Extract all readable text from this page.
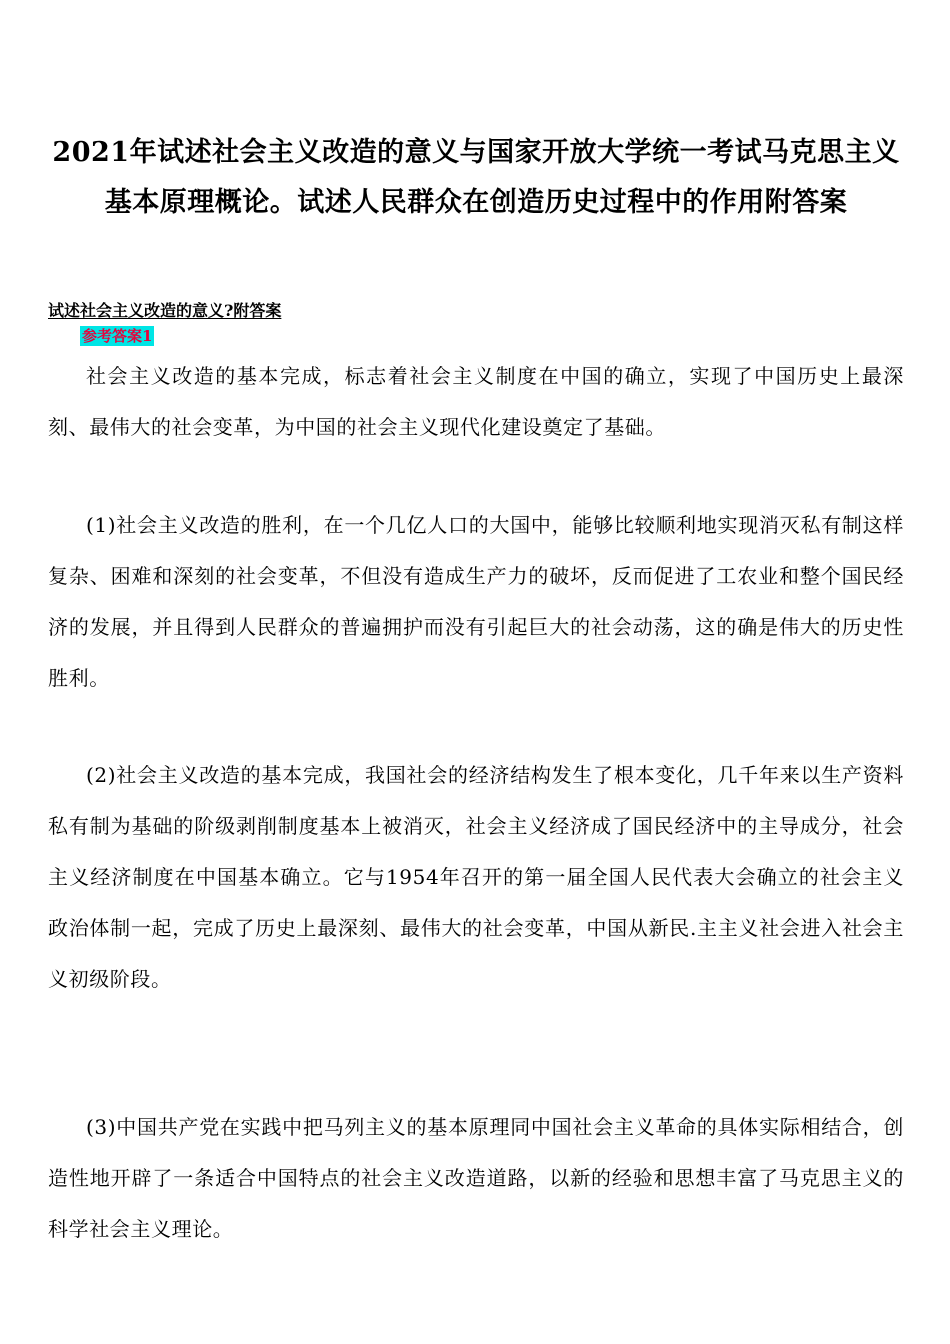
2021年试述社会主义改造的意义与国家开放大学统一考试马克思主义基本原理概论。试述人民群众在创造历史过程中的作用附答案
试述社会主义改造的意义?附答案
参考答案1

社会主义改造的基本完成，标志着社会主义制度在中国的确立，实现了中国历史上最深刻、最伟大的社会变革，为中国的社会主义现代化建设奠定了基础。

(1)社会主义改造的胜利，在一个几亿人口的大国中，能够比较顺利地实现消灭私有制这样复杂、困难和深刻的社会变革，不但没有造成生产力的破坏，反而促进了工农业和整个国民经济的发展，并且得到人民群众的普遍拥护而没有引起巨大的社会动荡，这的确是伟大的历史性胜利。

(2)社会主义改造的基本完成，我国社会的经济结构发生了根本变化，几千年来以生产资料私有制为基础的阶级剥削制度基本上被消灭，社会主义经济成了国民经济中的主导成分，社会主义经济制度在中国基本确立。它与1954年召开的第一届全国人民代表大会确立的社会主义政治体制一起，完成了历史上最深刻、最伟大的社会变革，中国从新民.主主义社会进入社会主义初级阶段。

(3)中国共产党在实践中把马列主义的基本原理同中国社会主义革命的具体实际相结合，创造性地开辟了一条适合中国特点的社会主义改造道路，以新的经验和思想丰富了马克思主义的科学社会主义理论。
